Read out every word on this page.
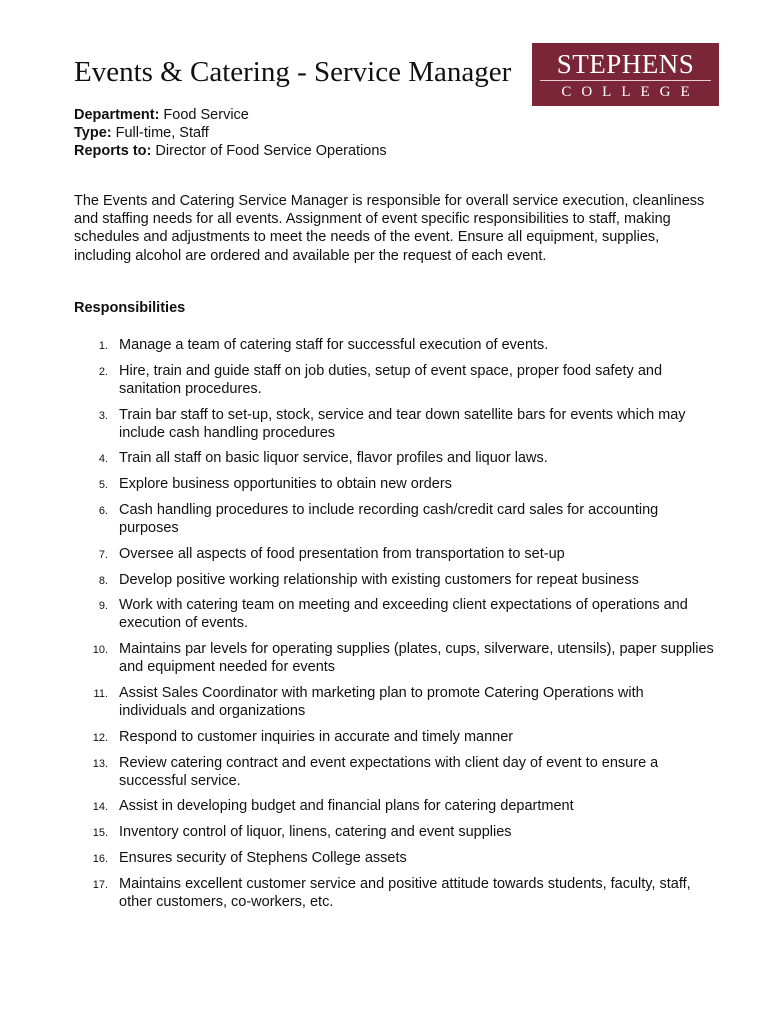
Events & Catering - Service Manager	STEPHENS
COLLEGE
Department: Food Service
Type: Full-time, Staff
Reports to: Director of Food Service Operations

The Events and Catering Service Manager is responsible for overall service execution, cleanliness and staffing needs for all events. Assignment of event specific responsibilities to staff, making schedules and adjustments to meet the needs of the event. Ensure all equipment, supplies, including alcohol are ordered and available per the request of each event.

Responsibilities
1. Manage a team of catering staff for successful execution of events.
2. Hire, train and guide staff on job duties, setup of event space, proper food safety and sanitation procedures.
3. Train bar staff to set-up, stock, service and tear down satellite bars for events which may include cash handling procedures
4. Train all staff on basic liquor service, flavor profiles and liquor laws.
5. Explore business opportunities to obtain new orders
6. Cash handling procedures to include recording cash/credit card sales for accounting purposes
7. Oversee all aspects of food presentation from transportation to set-up
8. Develop positive working relationship with existing customers for repeat business
9. Work with catering team on meeting and exceeding client expectations of operations and execution of events.
10. Maintains par levels for operating supplies (plates, cups, silverware, utensils), paper supplies and equipment needed for events
11. Assist Sales Coordinator with marketing plan to promote Catering Operations with individuals and organizations
12. Respond to customer inquiries in accurate and timely manner
13. Review catering contract and event expectations with client day of event to ensure a successful service.
14. Assist in developing budget and financial plans for catering department
15. Inventory control of liquor, linens, catering and event supplies
16. Ensures security of Stephens College assets
17. Maintains excellent customer service and positive attitude towards students, faculty, staff, other customers, co-workers, etc.
